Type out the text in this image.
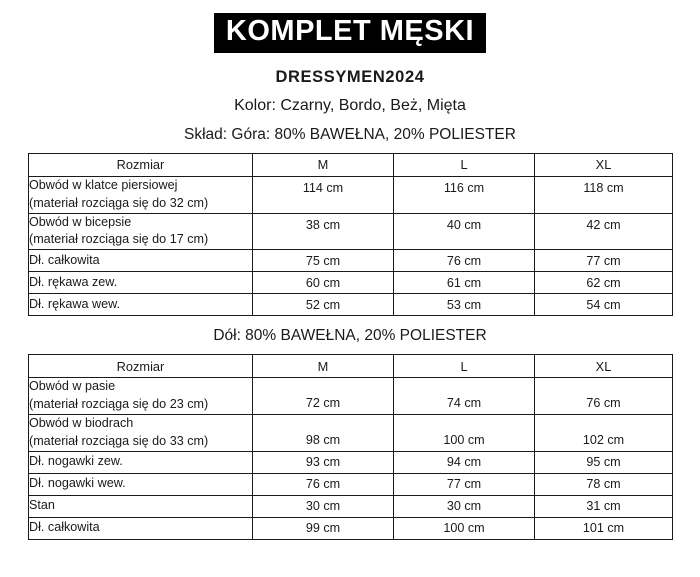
KOMPLET MĘSKI
DRESSYMEN2024
Kolor: Czarny, Bordo, Beż, Mięta
Skład: Góra: 80% BAWEŁNA, 20% POLIESTER
Rozmiar	M	L	XL

Obwód w klatce piersiowej
(materiał rozciąga się do 32 cm)	114 cm	116 cm	118 cm

Obwód w bicepsie
(materiał rozciąga się do 17 cm)	38 cm	40 cm	42 cm
Dł. całkowita	75 cm	76 cm	77 cm
Dł. rękawa zew.	60 cm	61 cm	62 cm
Dł. rękawa wew.	52 cm	53 cm	54 cm
Dół: 80% BAWEŁNA, 20% POLIESTER
Rozmiar	M	L	XL

Obwód w pasie
(materiał rozciąga się do 23 cm)	72 cm	74 cm	76 cm

Obwód w biodrach
(materiał rozciąga się do 33 cm)	98 cm	100 cm	102 cm
Dł. nogawki zew.	93 cm	94 cm	95 cm
Dł. nogawki wew.	76 cm	77 cm	78 cm
Stan	30 cm	30 cm	31 cm
Dł. całkowita	99 cm	100 cm	101 cm
